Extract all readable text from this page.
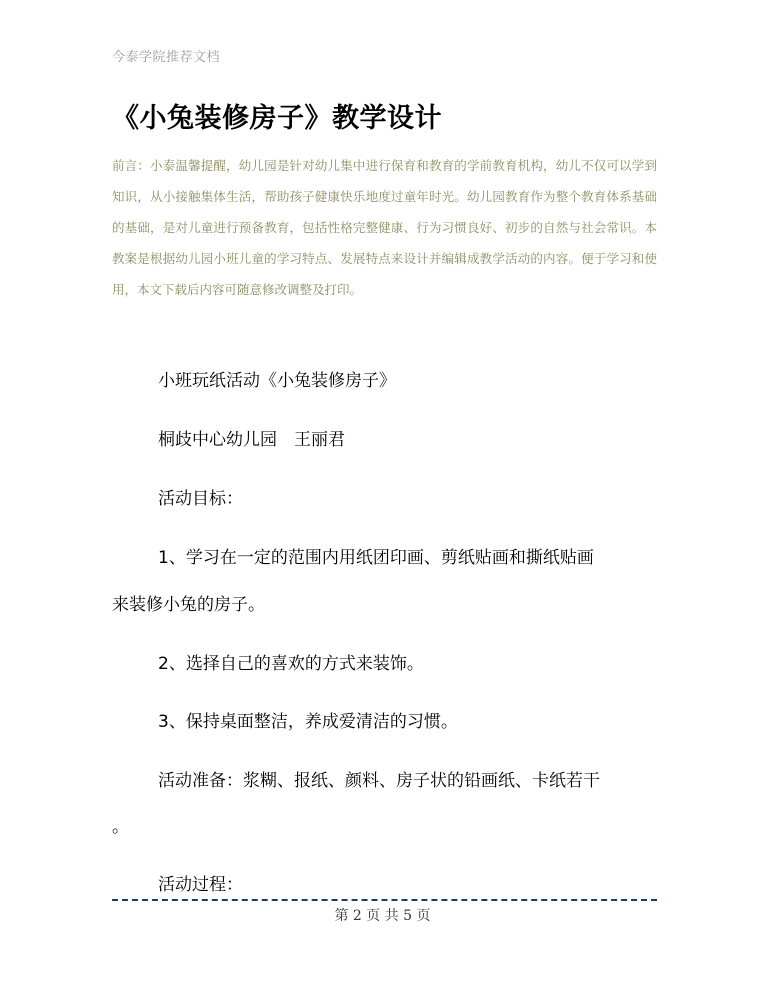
今泰学院推荐文档
《小兔装修房子》教学设计
前言：小泰温馨提醒，幼儿园是针对幼儿集中进行保育和教育的学前教育机构，幼儿不仅可以学到知识，从小接触集体生活，帮助孩子健康快乐地度过童年时光。幼儿园教育作为整个教育体系基础的基础，是对儿童进行预备教育，包括性格完整健康、行为习惯良好、初步的自然与社会常识。本教案是根据幼儿园小班儿童的学习特点、发展特点来设计并编辑成教学活动的内容。便于学习和使用，本文下载后内容可随意修改调整及打印。
小班玩纸活动《小兔装修房子》
桐歧中心幼儿园　王丽君
活动目标：
1、学习在一定的范围内用纸团印画、剪纸贴画和撕纸贴画
来装修小兔的房子。
2、选择自己的喜欢的方式来装饰。
3、保持桌面整洁，养成爱清洁的习惯。
活动准备：浆糊、报纸、颜料、房子状的铅画纸、卡纸若干
。
活动过程：
第 2 页 共 5 页
